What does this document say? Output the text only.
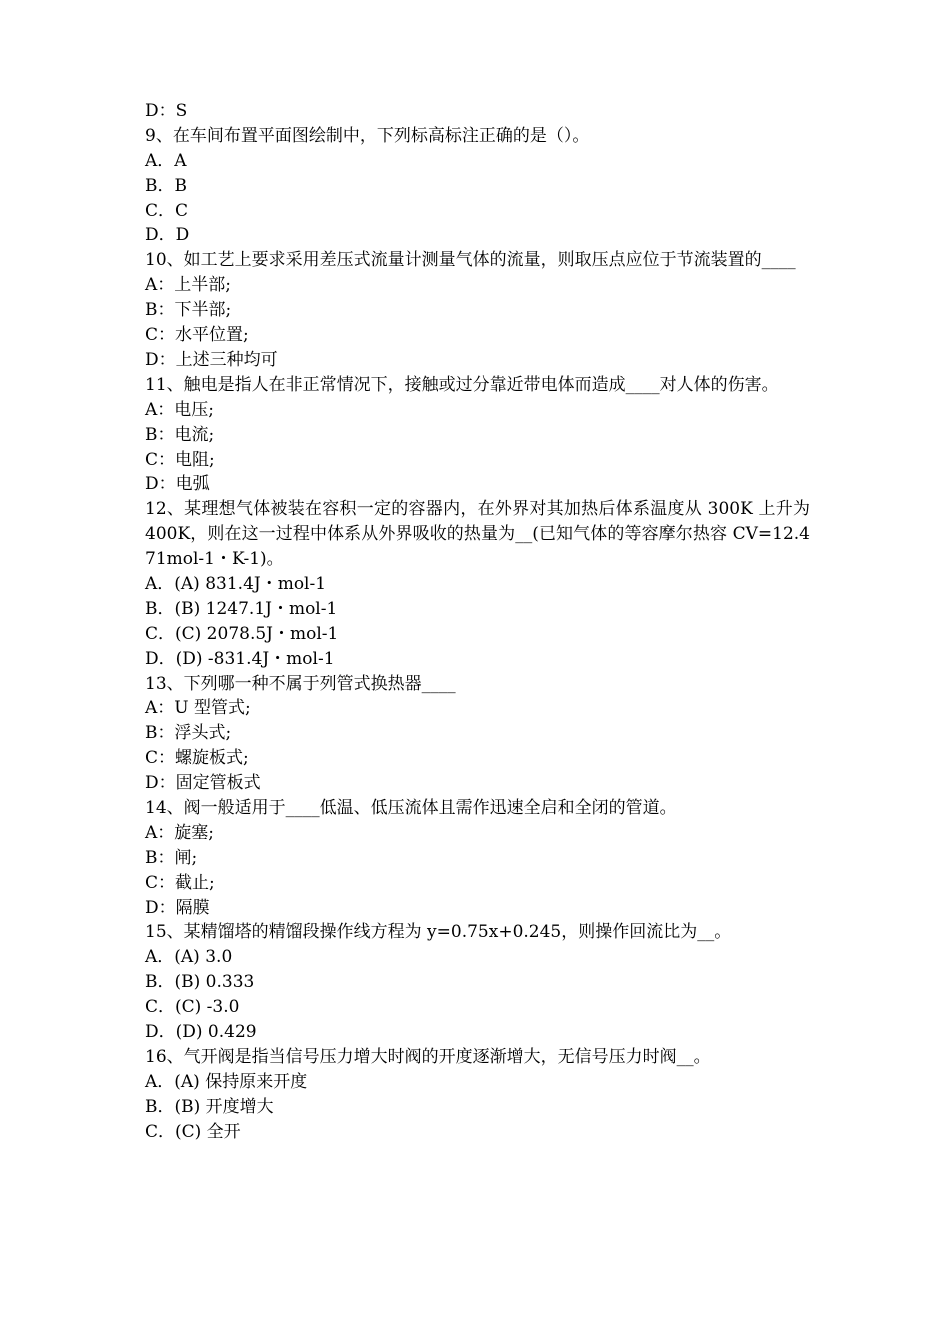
D：S
9、在车间布置平面图绘制中，下列标高标注正确的是（）。
A．A
B．B
C．C
D．D
10、如工艺上要求采用差压式流量计测量气体的流量，则取压点应位于节流装置的____
A：上半部;
B：下半部;
C：水平位置;
D：上述三种均可
11、触电是指人在非正常情况下，接触或过分靠近带电体而造成____对人体的伤害。
A：电压;
B：电流;
C：电阻;
D：电弧
12、某理想气体被装在容积一定的容器内，在外界对其加热后体系温度从 300K 上升为 400K，则在这一过程中体系从外界吸收的热量为__(已知气体的等容摩尔热容 CV=12.471mol-1・K-1)。
A．(A) 831.4J・mol-1
B．(B) 1247.1J・mol-1
C．(C) 2078.5J・mol-1
D．(D) -831.4J・mol-1
13、下列哪一种不属于列管式换热器____
A：U 型管式;
B：浮头式;
C：螺旋板式;
D：固定管板式
14、阀一般适用于____低温、低压流体且需作迅速全启和全闭的管道。
A：旋塞;
B：闸;
C：截止;
D：隔膜
15、某精馏塔的精馏段操作线方程为 y=0.75x+0.245，则操作回流比为__。
A．(A) 3.0
B．(B) 0.333
C．(C) -3.0
D．(D) 0.429
16、气开阀是指当信号压力增大时阀的开度逐渐增大，无信号压力时阀__。
A．(A) 保持原来开度
B．(B) 开度增大
C．(C) 全开
